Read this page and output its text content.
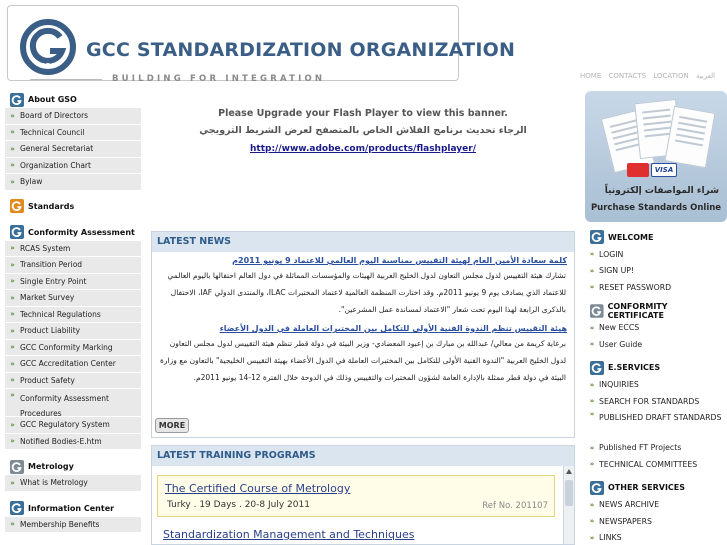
GSO
GCC STANDARDIZATION ORGANIZATION
BUILDING FOR INTEGRATION	HOME CONTACTS LOCATION العربية
About GSO
» Board of Directors
» Technical Council
» General Secretariat
» Organization Chart
» Bylaw
Standards
Conformity Assessment
» RCAS System
» Transition Period
» Single Entry Point
» Market Survey
» Technical Regulations
» Product Liability
» GCC Conformity Marking
» GCC Accreditation Center
» Product Safety
» Conformity Assessment Procedures
» GCC Regulatory System
» Notified Bodies-E.htm
Metrology
» What is Metrology
Information Center
» Membership Benefits
Please Upgrade your Flash Player to view this banner.
الرجاء تحديث برنامج الفلاش الخاص بالمتصفح لعرض الشريط الترويجي
http://www.adobe.com/products/flashplayer/
LATEST NEWS
كلمة سعادة الأمين العام لهيئة التقييس بمناسبة اليوم العالمي للاعتماد 9 يونيو 2011م
تشارك هيئة التقييس لدول مجلس التعاون لدول الخليج العربية الهيئات والمؤسسات المماثلة في دول العالم احتفالها باليوم العالمي للاعتماد الذي يصادف يوم 9 يونيو 2011م. وقد اختارت المنظمة العالمية لاعتماد المختبرات ILAC، والمنتدى الدولي IAF، الاحتفال بالذكرى الرابعة لهذا اليوم تحت شعار "الاعتماد لمساندة عمل المشرعين".
هيئة التقييس تنظم الندوة الفنية الأولى للتكامل بين المختبرات العاملة في الدول الأعضاء
برعاية كريمة من معالي/ عبدالله بن مبارك بن إعبود المعضادي- وزير البيئة في دولة قطر تنظم هيئة التقييس لدول مجلس التعاون لدول الخليج العربية "الندوة الفنية الأولى للتكامل بين المختبرات العاملة في الدول الأعضاء بهيئة التقييس الخليجية" بالتعاون مع وزارة البيئة في دولة قطر ممثلة بالإدارة العامة لشؤون المختبرات والتقييس وذلك في الدوحة خلال الفترة 12-14 يونيو 2011م.
MORE
LATEST TRAINING PROGRAMS
The Certified Course of Metrology
Turky . 19 Days . 20-8 July 2011	Ref No. 201107
Standardization Management and Techniques
VISA
شراء المواصفات إلكترونياً
Purchase Standards Online
WELCOME
» LOGIN
» SIGN UP!
» RESET PASSWORD
CONFORMITY CERTIFICATE
» New ECCS
» User Guide
E.SERVICES
» INQUIRIES
» SEARCH FOR STANDARDS
» PUBLISHED DRAFT STANDARDS
» Published FT Projects
» TECHNICAL COMMITTEES
OTHER SERVICES
» NEWS ARCHIVE
» NEWSPAPERS
» LINKS
